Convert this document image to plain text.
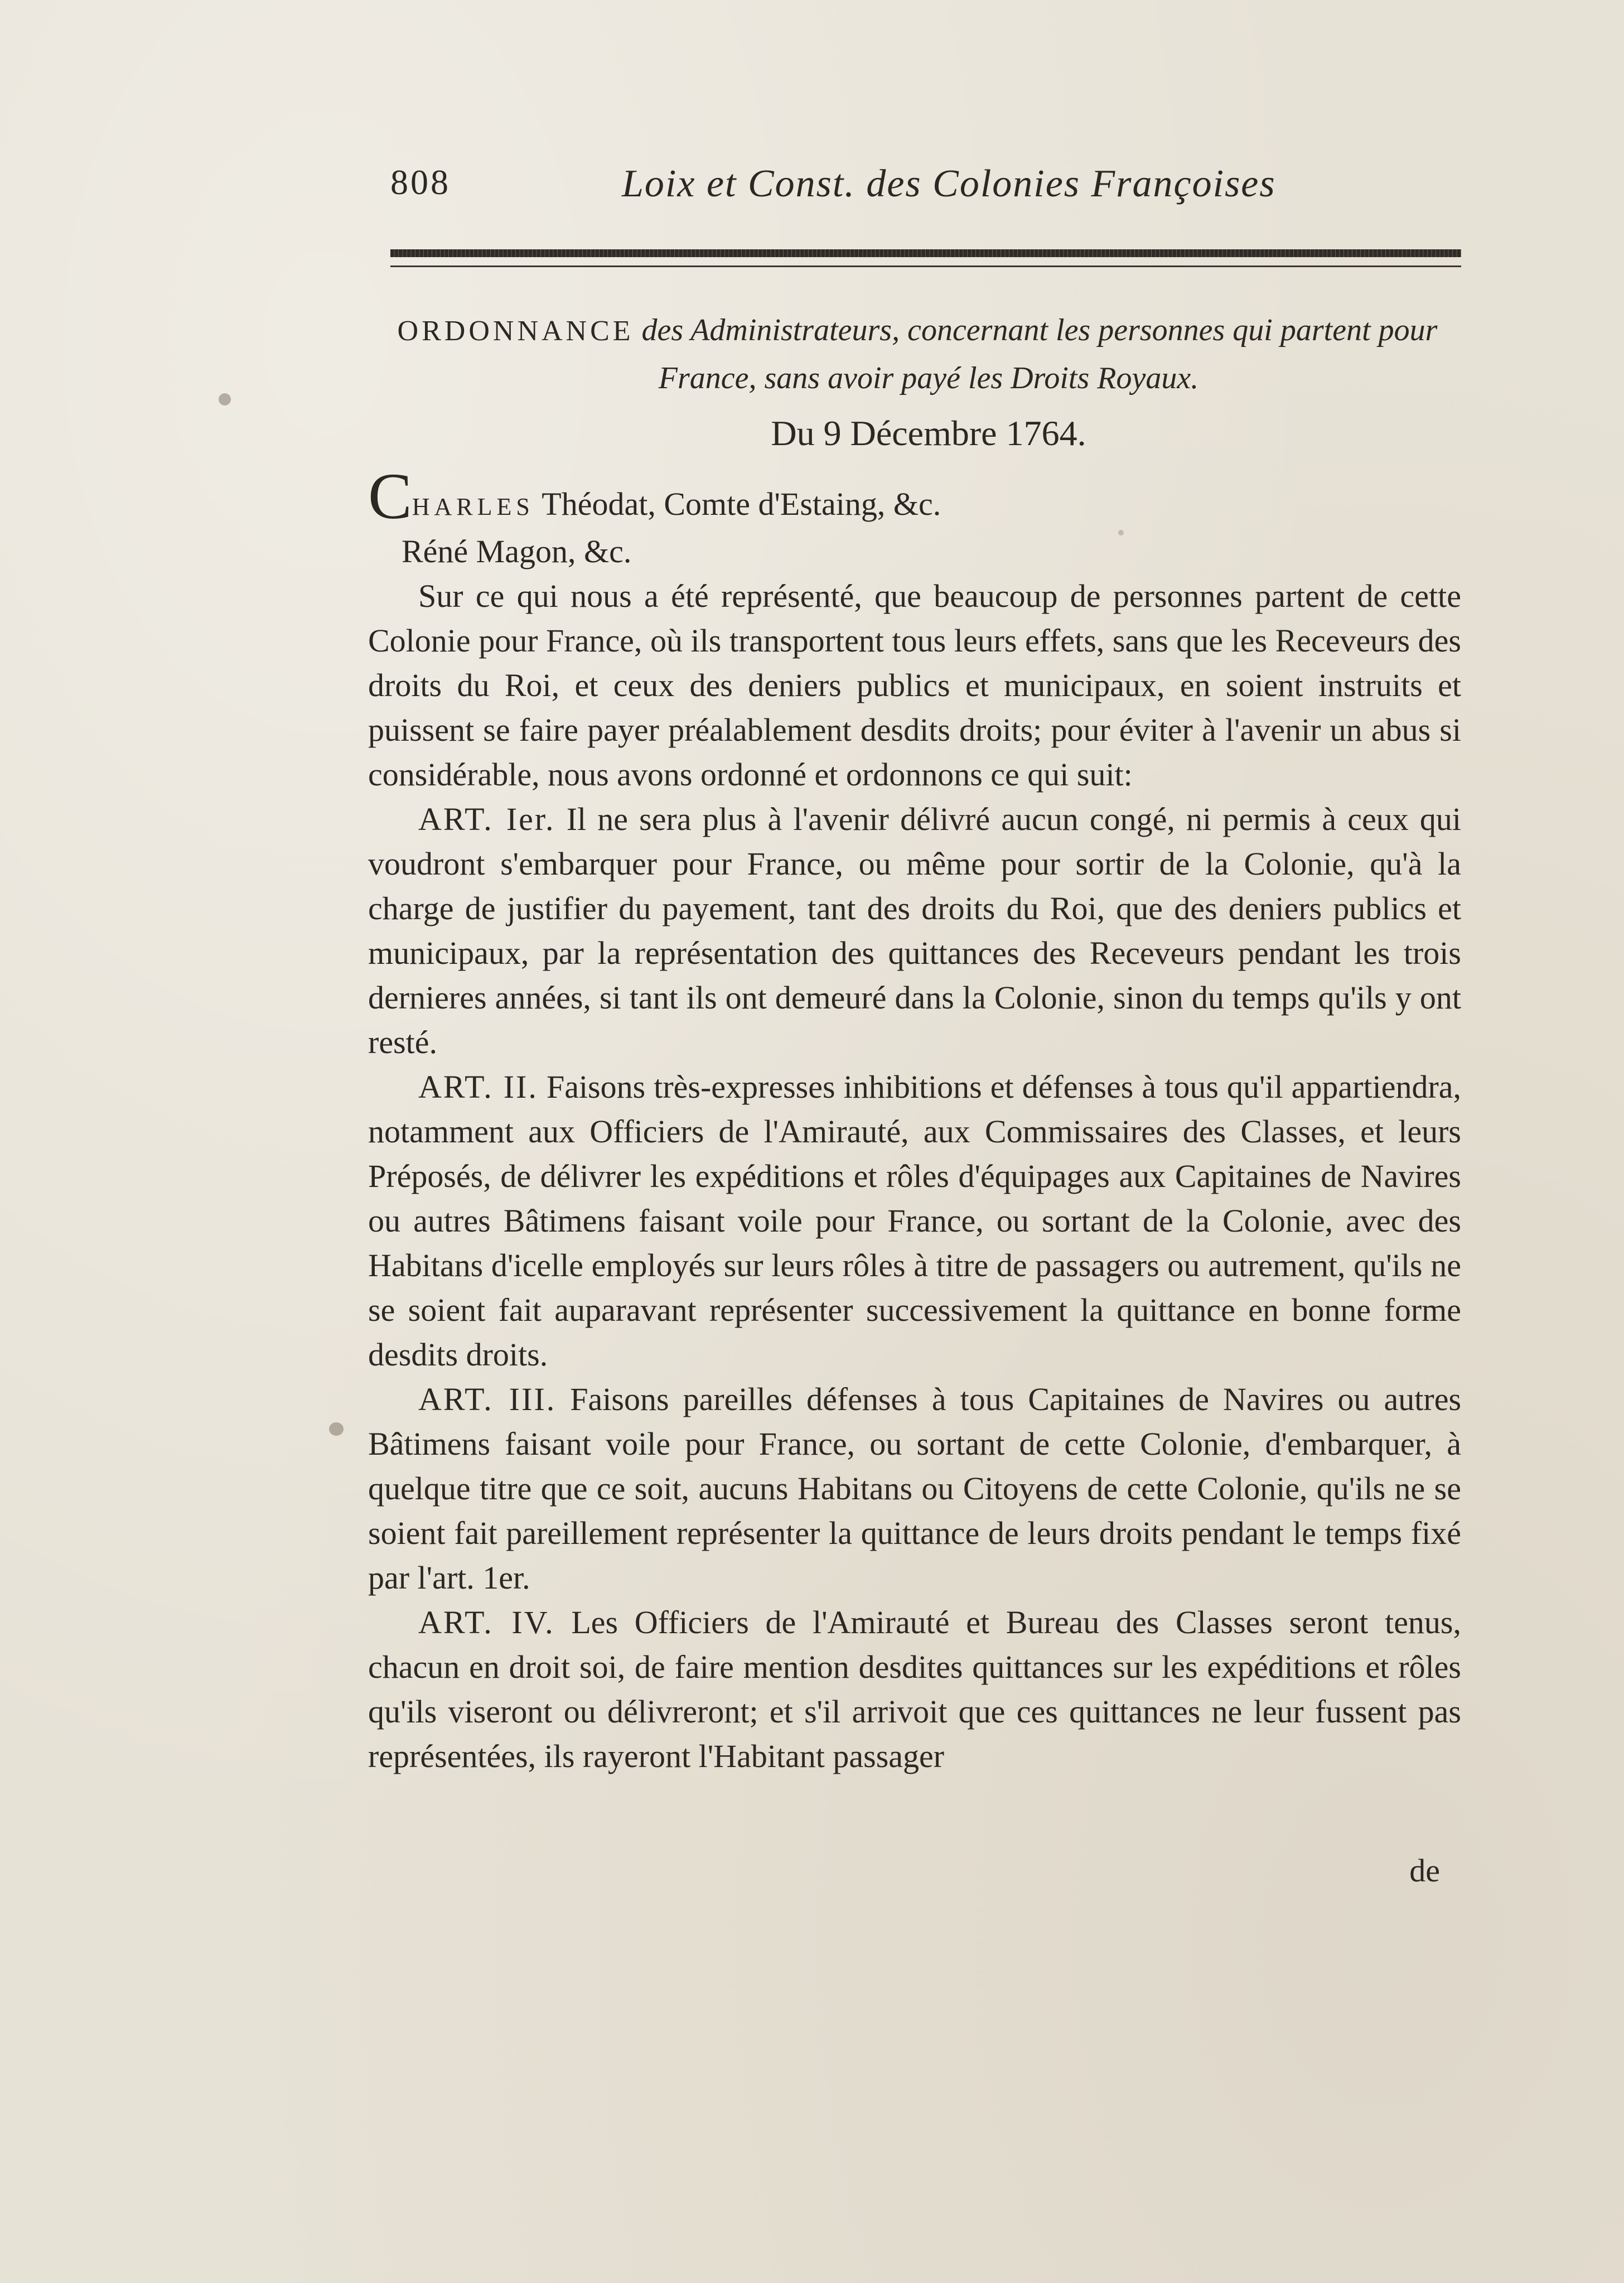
808	Loix et Const. des Colonies Françoises
ORDONNANCE des Administrateurs, concernant les personnes qui partent pour France, sans avoir payé les Droits Royaux.
Du 9 Décembre 1764.

CHARLES Théodat, Comte d'Estaing, &c.

Réné Magon, &c.

Sur ce qui nous a été représenté, que beaucoup de personnes partent de cette Colonie pour France, où ils transportent tous leurs effets, sans que les Receveurs des droits du Roi, et ceux des deniers publics et municipaux, en soient instruits et puissent se faire payer préalablement desdits droits; pour éviter à l'avenir un abus si considérable, nous avons ordonné et ordonnons ce qui suit:

ART. Ier. Il ne sera plus à l'avenir délivré aucun congé, ni permis à ceux qui voudront s'embarquer pour France, ou même pour sortir de la Colonie, qu'à la charge de justifier du payement, tant des droits du Roi, que des deniers publics et municipaux, par la représentation des quittances des Receveurs pendant les trois dernieres années, si tant ils ont demeuré dans la Colonie, sinon du temps qu'ils y ont resté.

ART. II. Faisons très-expresses inhibitions et défenses à tous qu'il appartiendra, notamment aux Officiers de l'Amirauté, aux Commissaires des Classes, et leurs Préposés, de délivrer les expéditions et rôles d'équipages aux Capitaines de Navires ou autres Bâtimens faisant voile pour France, ou sortant de la Colonie, avec des Habitans d'icelle employés sur leurs rôles à titre de passagers ou autrement, qu'ils ne se soient fait auparavant représenter successivement la quittance en bonne forme desdits droits.

ART. III. Faisons pareilles défenses à tous Capitaines de Navires ou autres Bâtimens faisant voile pour France, ou sortant de cette Colonie, d'embarquer, à quelque titre que ce soit, aucuns Habitans ou Citoyens de cette Colonie, qu'ils ne se soient fait pareillement représenter la quittance de leurs droits pendant le temps fixé par l'art. 1er.

ART. IV. Les Officiers de l'Amirauté et Bureau des Classes seront tenus, chacun en droit soi, de faire mention desdites quittances sur les expéditions et rôles qu'ils viseront ou délivreront; et s'il arrivoit que ces quittances ne leur fussent pas représentées, ils rayeront l'Habitant passager

de
